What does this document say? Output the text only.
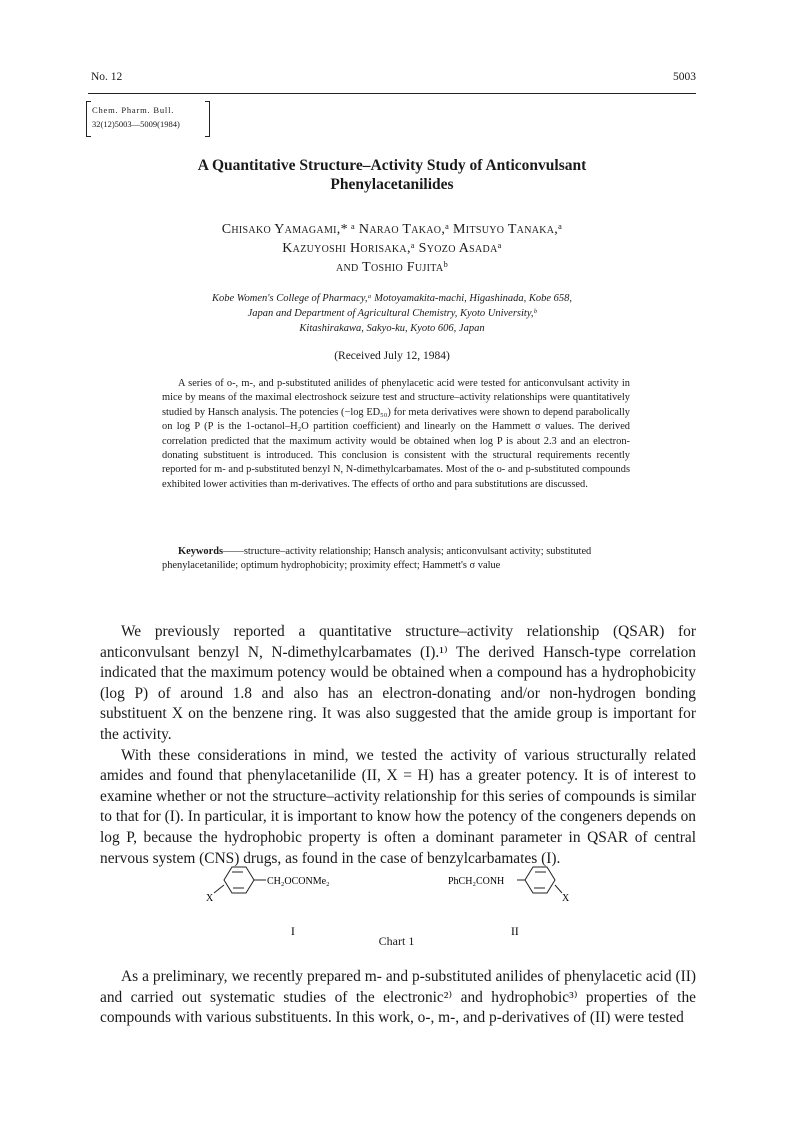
No. 12	5003
Chem. Pharm. Bull.
32(12)5003—5009(1984)
A Quantitative Structure–Activity Study of Anticonvulsant
Phenylacetanilides
Chisako Yamagami,* ᵃ Narao Takao,ᵃ Mitsuyo Tanaka,ᵃ
Kazuyoshi Horisaka,ᵃ Syozo Asadaᵃ
and Toshio Fujitaᵇ
Kobe Women's College of Pharmacy,ᵃ Motoyamakita-machi, Higashinada, Kobe 658,
Japan and Department of Agricultural Chemistry, Kyoto University,ᵇ
Kitashirakawa, Sakyo-ku, Kyoto 606, Japan
(Received July 12, 1984)

A series of o-, m-, and p-substituted anilides of phenylacetic acid were tested for anticonvulsant activity in mice by means of the maximal electroshock seizure test and structure–activity relationships were quantitatively studied by Hansch analysis. The potencies (−log ED₅₀) for meta derivatives were shown to depend parabolically on log P (P is the 1-octanol–H₂O partition coefficient) and linearly on the Hammett σ values. The derived correlation predicted that the maximum activity would be obtained when log P is about 2.3 and an electron-donating substituent is introduced. This conclusion is consistent with the structural requirements recently reported for m- and p-substituted benzyl N, N-dimethylcarbamates. Most of the o- and p-substituted compounds exhibited lower activities than m-derivatives. The effects of ortho and para substitutions are discussed.

Keywords——structure–activity relationship; Hansch analysis; anticonvulsant activity; substituted phenylacetanilide; optimum hydrophobicity; proximity effect; Hammett's σ value

We previously reported a quantitative structure–activity relationship (QSAR) for anticonvulsant benzyl N, N-dimethylcarbamates (I).¹⁾ The derived Hansch-type correlation indicated that the maximum potency would be obtained when a compound has a hydrophobicity (log P) of around 1.8 and also has an electron-donating and/or non-hydrogen bonding substituent X on the benzene ring. It was also suggested that the amide group is important for the activity.

With these considerations in mind, we tested the activity of various structurally related amides and found that phenylacetanilide (II, X = H) has a greater potency. It is of interest to examine whether or not the structure–activity relationship for this series of compounds is similar to that for (I). In particular, it is important to know how the potency of the congeners depends on log P, because the hydrophobic property is often a dominant parameter in QSAR of central nervous system (CNS) drugs, as found in the case of benzylcarbamates (I).

CH₂OCONMe₂
X
I
PhCH₂CONH
X
II
Chart 1

As a preliminary, we recently prepared m- and p-substituted anilides of phenylacetic acid (II) and carried out systematic studies of the electronic²⁾ and hydrophobic³⁾ properties of the compounds with various substituents. In this work, o-, m-, and p-derivatives of (II) were tested
